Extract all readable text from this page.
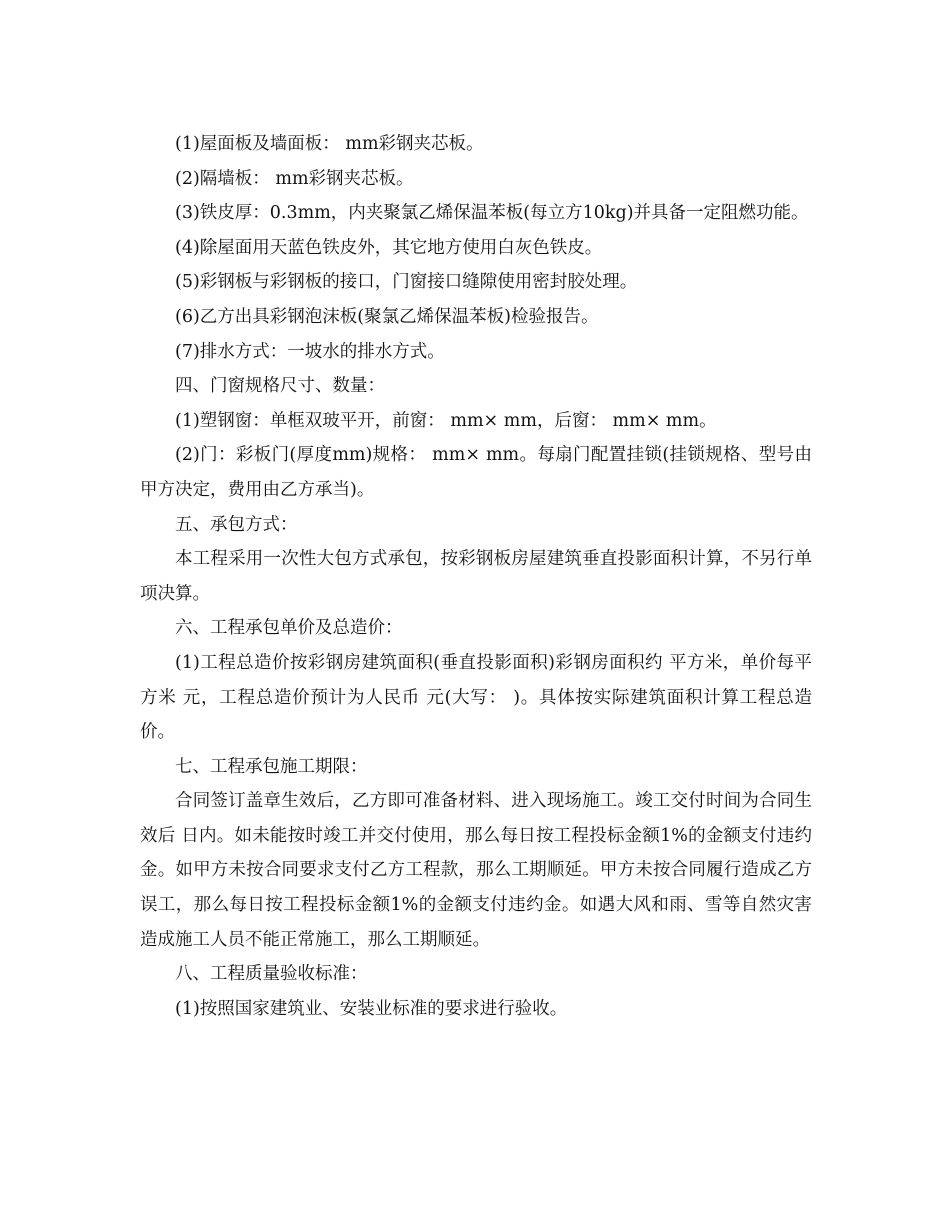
(1)屋面板及墙面板： mm彩钢夹芯板。

(2)隔墙板： mm彩钢夹芯板。

(3)铁皮厚：0.3mm，内夹聚氯乙烯保温苯板(每立方10kg)并具备一定阻燃功能。

(4)除屋面用天蓝色铁皮外，其它地方使用白灰色铁皮。

(5)彩钢板与彩钢板的接口，门窗接口缝隙使用密封胶处理。

(6)乙方出具彩钢泡沫板(聚氯乙烯保温苯板)检验报告。

(7)排水方式：一坡水的排水方式。

四、门窗规格尺寸、数量：

(1)塑钢窗：单框双玻平开，前窗： mm× mm，后窗： mm× mm。

(2)门：彩板门(厚度mm)规格： mm× mm。每扇门配置挂锁(挂锁规格、型号由甲方决定，费用由乙方承当)。

五、承包方式：

本工程采用一次性大包方式承包，按彩钢板房屋建筑垂直投影面积计算，不另行单项决算。

六、工程承包单价及总造价：

(1)工程总造价按彩钢房建筑面积(垂直投影面积)彩钢房面积约 平方米，单价每平方米 元，工程总造价预计为人民币 元(大写： )。具体按实际建筑面积计算工程总造价。

七、工程承包施工期限：

合同签订盖章生效后，乙方即可准备材料、进入现场施工。竣工交付时间为合同生效后 日内。如未能按时竣工并交付使用，那么每日按工程投标金额1%的金额支付违约金。如甲方未按合同要求支付乙方工程款，那么工期顺延。甲方未按合同履行造成乙方误工，那么每日按工程投标金额1%的金额支付违约金。如遇大风和雨、雪等自然灾害造成施工人员不能正常施工，那么工期顺延。

八、工程质量验收标准：

(1)按照国家建筑业、安装业标准的要求进行验收。
